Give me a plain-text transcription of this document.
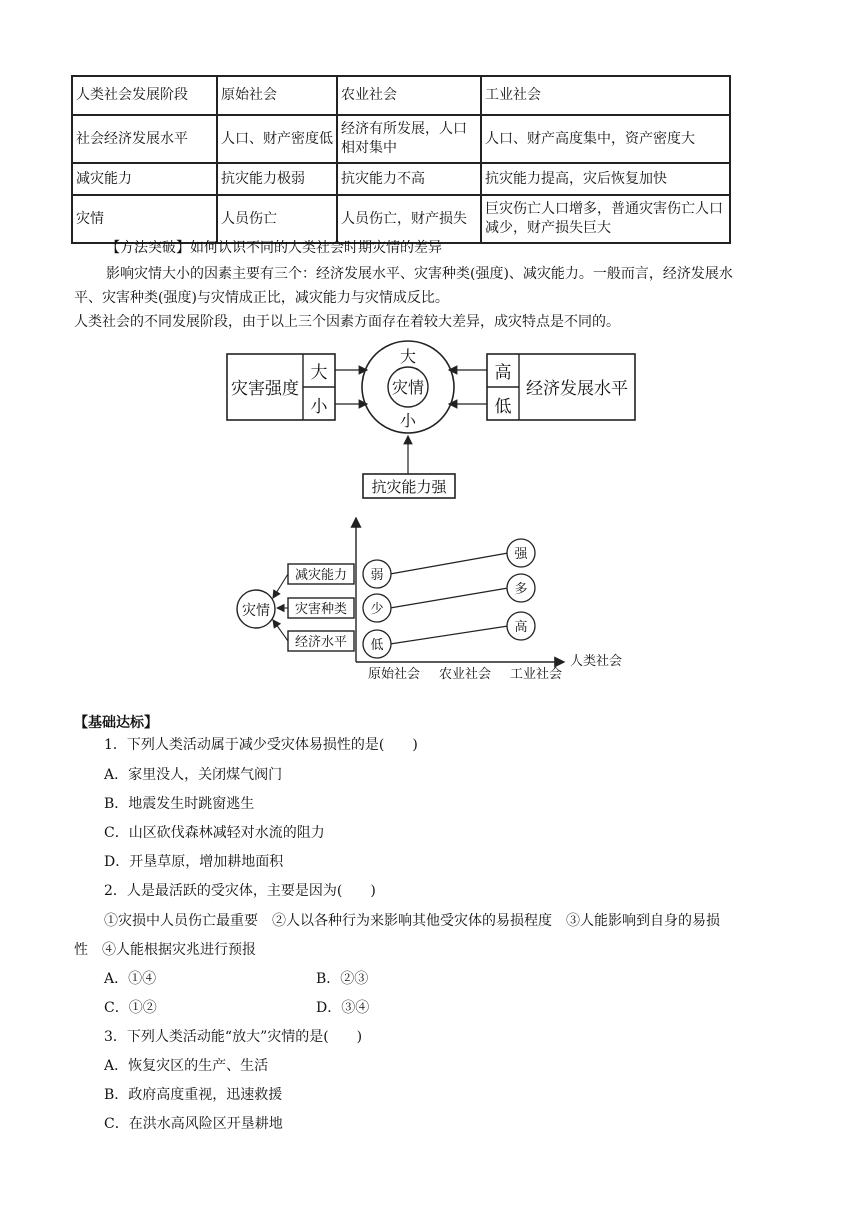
人类社会发展阶段	原始社会	农业社会	工业社会
社会经济发展水平	人口、财产密度低	经济有所发展，人口相对集中	人口、财产高度集中，资产密度大
减灾能力	抗灾能力极弱	抗灾能力不高	抗灾能力提高，灾后恢复加快
灾情	人员伤亡	人员伤亡，财产损失	巨灾伤亡人口增多，普通灾害伤亡人口减少，财产损失巨大
【方法突破】如何认识不同的人类社会时期灾情的差异
影响灾情大小的因素主要有三个：经济发展水平、灾害种类(强度)、减灾能力。一般而言，经济发展水
平、灾害种类(强度)与灾情成正比，减灾能力与灾情成反比。
人类社会的不同发展阶段，由于以上三个因素方面存在着较大差异，成灾特点是不同的。
灾害强度
大
小
灾情
大
小
经济发展水平
高
低
抗灾能力强
灾情
减灾能力
灾害种类
经济水平
弱
少
低
强
多
高
原始社会 农业社会 工业社会
人类社会
【基础达标】
1．下列人类活动属于减少受灾体易损性的是(　　)
A．家里没人，关闭煤气阀门
B．地震发生时跳窗逃生
C．山区砍伐森林减轻对水流的阻力
D．开垦草原，增加耕地面积
2．人是最活跃的受灾体，主要是因为(　　)
①灾损中人员伤亡最重要　②人以各种行为来影响其他受灾体的易损程度　③人能影响到自身的易损
性　④人能根据灾兆进行预报
A．①④	B．②③
C．①②	D．③④
3．下列人类活动能“放大”灾情的是(　　)
A．恢复灾区的生产、生活
B．政府高度重视，迅速救援
C．在洪水高风险区开垦耕地
